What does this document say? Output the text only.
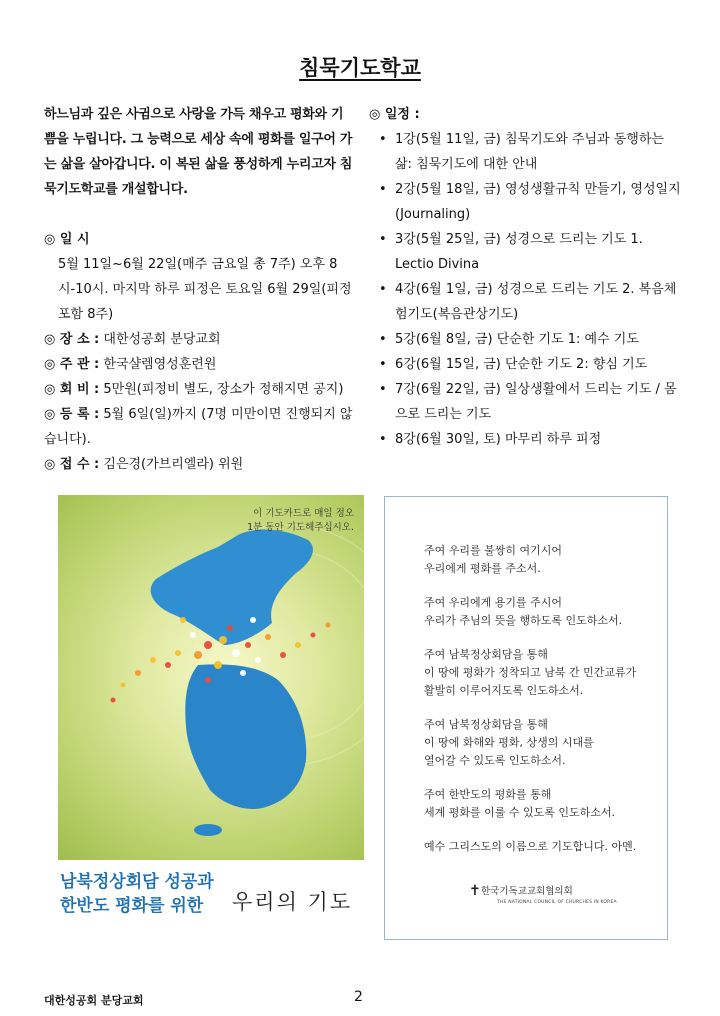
침묵기도학교
하느님과 깊은 사귐으로 사랑을 가득 채우고 평화와 기쁨을 누립니다. 그 능력으로 세상 속에 평화를 일구어 가는 삶을 살아갑니다. 이 복된 삶을 풍성하게 누리고자 침묵기도학교를 개설합니다.
◎ 일 시
5월 11일~6월 22일(매주 금요일 총 7주) 오후 8시-10시. 마지막 하루 피정은 토요일 6월 29일(피정 포함 8주)
◎ 장 소 : 대한성공회 분당교회
◎ 주 관 : 한국샬렘영성훈련원
◎ 회 비 : 5만원(피정비 별도, 장소가 정해지면 공지)
◎ 등 록 : 5월 6일(일)까지 (7명 미만이면 진행되지 않습니다).
◎ 접 수 : 김은경(가브리엘라) 위원
◎ 일정 :
• 1강(5월 11일, 금) 침묵기도와 주님과 동행하는 삶: 침묵기도에 대한 안내
• 2강(5월 18일, 금) 영성생활규칙 만들기, 영성일지(Journaling)
• 3강(5월 25일, 금) 성경으로 드리는 기도 1. Lectio Divina
• 4강(6월 1일, 금) 성경으로 드리는 기도 2. 복음체험기도(복음관상기도)
• 5강(6월 8일, 금) 단순한 기도 1: 예수 기도
• 6강(6월 15일, 금) 단순한 기도 2: 향심 기도
• 7강(6월 22일, 금) 일상생활에서 드리는 기도 / 몸으로 드리는 기도
• 8강(6월 30일, 토) 마무리 하루 피정
이 기도카드로 매일 정오
1분 동안 기도해주십시오.
남북정상회담 성공과
한반도 평화를 위한	우리의 기도

주여 우리를 불쌍히 여기시어
우리에게 평화를 주소서.

주여 우리에게 용기를 주시어
우리가 주님의 뜻을 행하도록 인도하소서.

주여 남북정상회담을 통해
이 땅에 평화가 정착되고 남북 간 민간교류가
활발히 이루어지도록 인도하소서.

주여 남북정상회담을 통해
이 땅에 화해와 평화, 상생의 시대를
열어갈 수 있도록 인도하소서.

주여 한반도의 평화를 통해
세계 평화를 이룰 수 있도록 인도하소서.

예수 그리스도의 이름으로 기도합니다. 아멘.

✝ 한국기독교교회협의회
THE NATIONAL COUNCIL OF CHURCHES IN KOREA
대한성공회 분당교회	2
